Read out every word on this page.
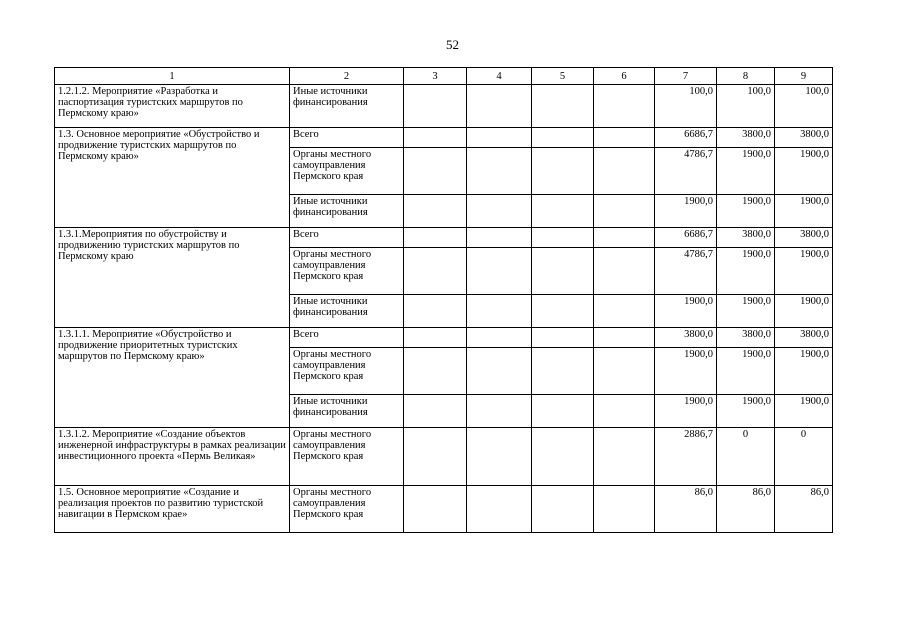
52
1	2	3	4	5	6	7	8	9
1.2.1.2. Мероприятие «Разработка и паспортизация туристских маршрутов по Пермскому краю»	Иные источники финансирования					100,0	100,0	100,0
1.3. Основное мероприятие «Обустройство и продвижение туристских маршрутов по Пермскому краю»	Всего					6686,7	3800,0	3800,0
	Органы местного самоуправления Пермского края					4786,7	1900,0	1900,0
	Иные источники финансирования					1900,0	1900,0	1900,0
1.3.1.Мероприятия по обустройству и продвижению туристских маршрутов по Пермскому краю	Всего					6686,7	3800,0	3800,0
	Органы местного самоуправления Пермского края					4786,7	1900,0	1900,0
	Иные источники финансирования					1900,0	1900,0	1900,0
1.3.1.1. Мероприятие «Обустройство и продвижение приоритетных туристских маршрутов по Пермскому краю»	Всего					3800,0	3800,0	3800,0
	Органы местного самоуправления Пермского края					1900,0	1900,0	1900,0
	Иные источники финансирования					1900,0	1900,0	1900,0
1.3.1.2. Мероприятие «Создание объектов инженерной инфраструктуры в рамках реализации инвестиционного проекта «Пермь Великая»	Органы местного самоуправления Пермского края					2886,7	0	0
1.5. Основное мероприятие «Создание и реализация проектов по развитию туристской навигации в Пермском крае»	Органы местного самоуправления Пермского края					86,0	86,0	86,0
